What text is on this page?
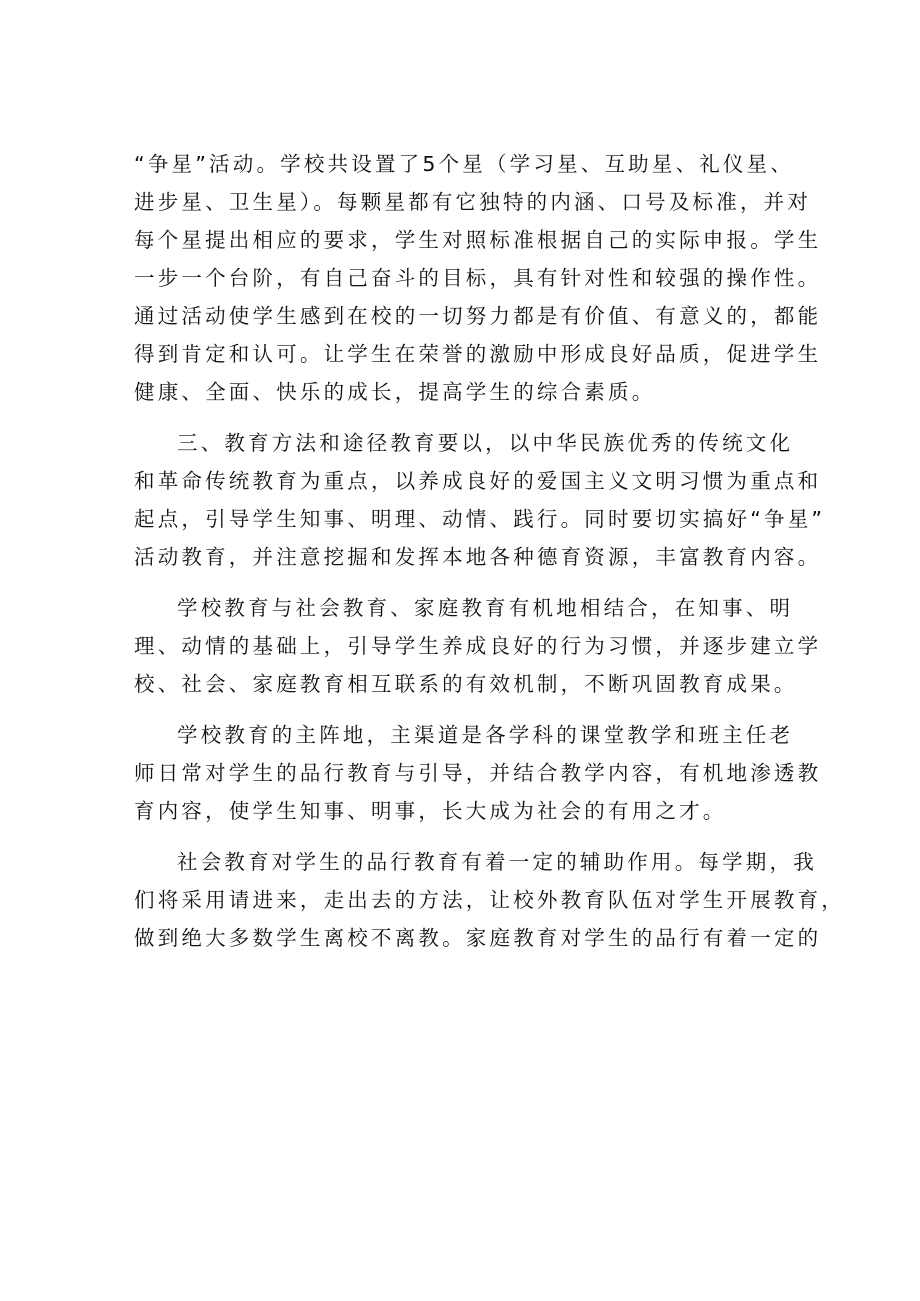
“争星”活动。学校共设置了5个星（学习星、互助星、礼仪星、
进步星、卫生星）。每颗星都有它独特的内涵、口号及标准，并对
每个星提出相应的要求，学生对照标准根据自己的实际申报。学生
一步一个台阶，有自己奋斗的目标，具有针对性和较强的操作性。
通过活动使学生感到在校的一切努力都是有价值、有意义的，都能
得到肯定和认可。让学生在荣誉的激励中形成良好品质，促进学生
健康、全面、快乐的成长，提高学生的综合素质。

三、教育方法和途径教育要以，以中华民族优秀的传统文化
和革命传统教育为重点，以养成良好的爱国主义文明习惯为重点和
起点，引导学生知事、明理、动情、践行。同时要切实搞好“争星”
活动教育，并注意挖掘和发挥本地各种德育资源，丰富教育内容。

学校教育与社会教育、家庭教育有机地相结合，在知事、明
理、动情的基础上，引导学生养成良好的行为习惯，并逐步建立学
校、社会、家庭教育相互联系的有效机制，不断巩固教育成果。

学校教育的主阵地，主渠道是各学科的课堂教学和班主任老
师日常对学生的品行教育与引导，并结合教学内容，有机地渗透教
育内容，使学生知事、明事，长大成为社会的有用之才。

社会教育对学生的品行教育有着一定的辅助作用。每学期，我
们将采用请进来，走出去的方法，让校外教育队伍对学生开展教育，
做到绝大多数学生离校不离教。家庭教育对学生的品行有着一定的
